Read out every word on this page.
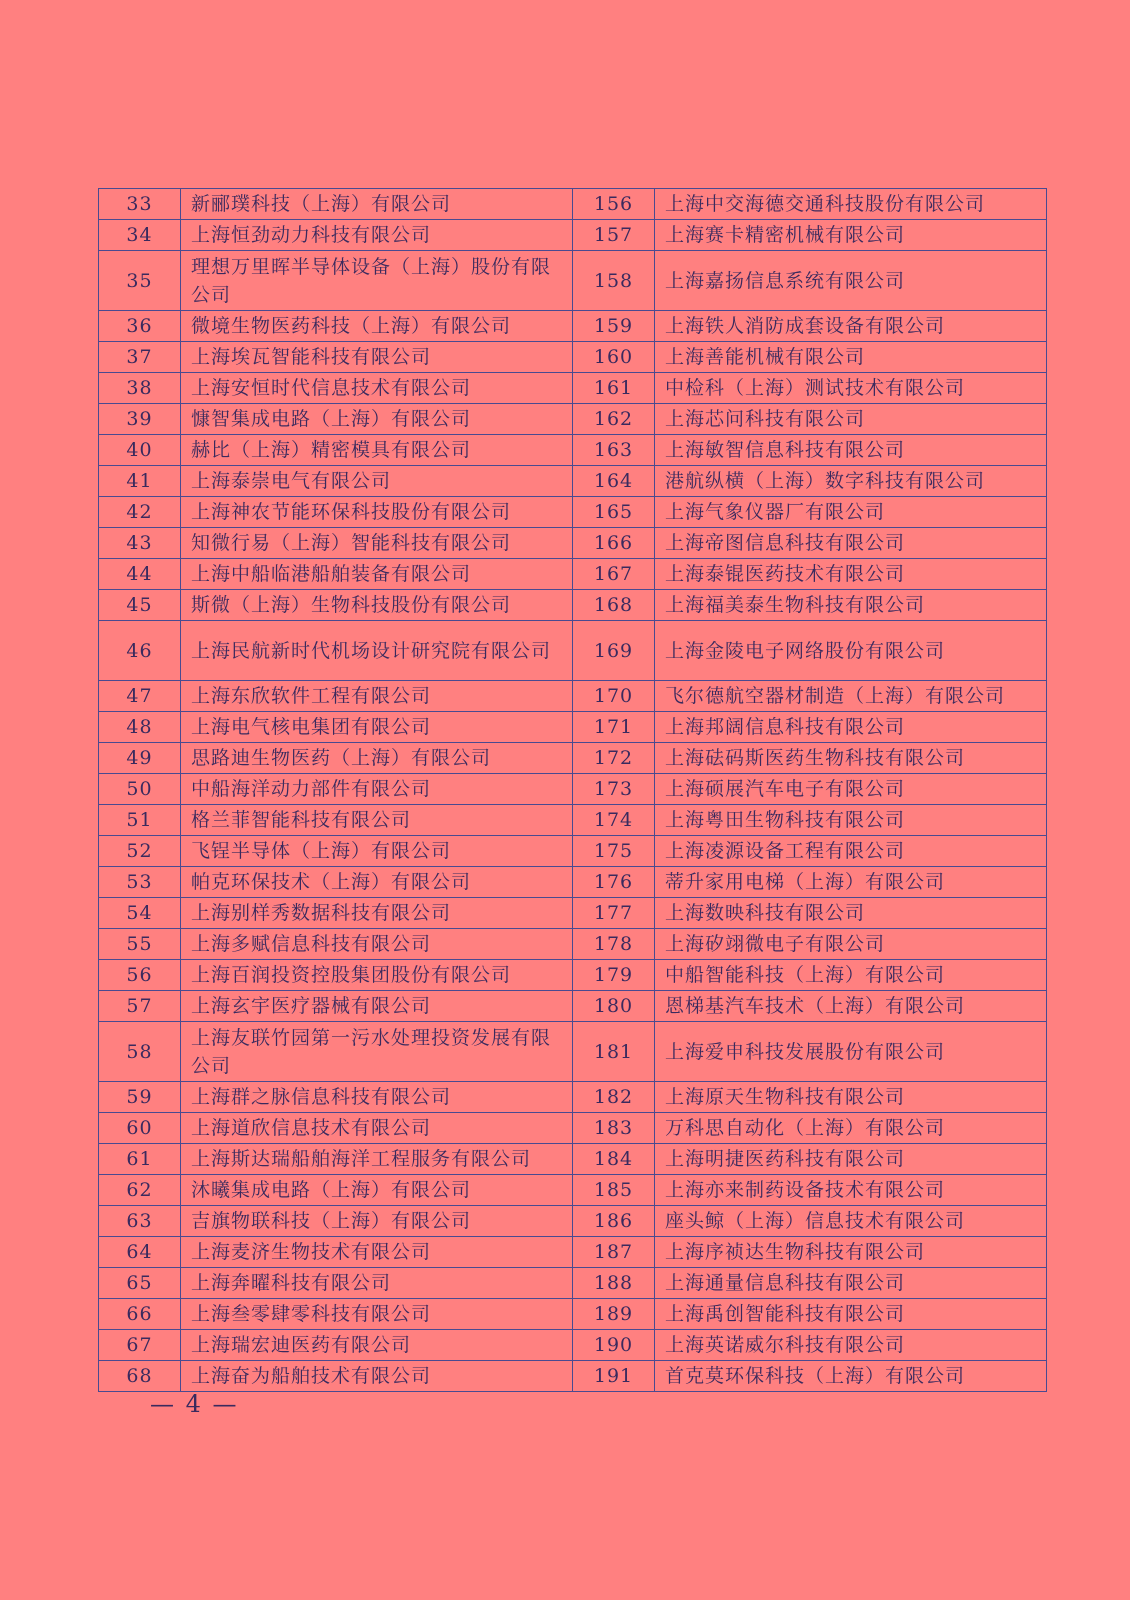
33	新郦璞科技（上海）有限公司	156	上海中交海德交通科技股份有限公司
34	上海恒劲动力科技有限公司	157	上海赛卡精密机械有限公司
35	理想万里晖半导体设备（上海）股份有限公司	158	上海嘉扬信息系统有限公司
36	微境生物医药科技（上海）有限公司	159	上海铁人消防成套设备有限公司
37	上海埃瓦智能科技有限公司	160	上海善能机械有限公司
38	上海安恒时代信息技术有限公司	161	中检科（上海）测试技术有限公司
39	慷智集成电路（上海）有限公司	162	上海芯问科技有限公司
40	赫比（上海）精密模具有限公司	163	上海敏智信息科技有限公司
41	上海泰崇电气有限公司	164	港航纵横（上海）数字科技有限公司
42	上海神农节能环保科技股份有限公司	165	上海气象仪器厂有限公司
43	知微行易（上海）智能科技有限公司	166	上海帝图信息科技有限公司
44	上海中船临港船舶装备有限公司	167	上海泰锟医药技术有限公司
45	斯微（上海）生物科技股份有限公司	168	上海福美泰生物科技有限公司
46	上海民航新时代机场设计研究院有限公司	169	上海金陵电子网络股份有限公司
47	上海东欣软件工程有限公司	170	飞尔德航空器材制造（上海）有限公司
48	上海电气核电集团有限公司	171	上海邦阔信息科技有限公司
49	思路迪生物医药（上海）有限公司	172	上海砝码斯医药生物科技有限公司
50	中船海洋动力部件有限公司	173	上海硕展汽车电子有限公司
51	格兰菲智能科技有限公司	174	上海粤田生物科技有限公司
52	飞锃半导体（上海）有限公司	175	上海凌源设备工程有限公司
53	帕克环保技术（上海）有限公司	176	蒂升家用电梯（上海）有限公司
54	上海别样秀数据科技有限公司	177	上海数映科技有限公司
55	上海多赋信息科技有限公司	178	上海矽翊微电子有限公司
56	上海百润投资控股集团股份有限公司	179	中船智能科技（上海）有限公司
57	上海玄宇医疗器械有限公司	180	恩梯基汽车技术（上海）有限公司
58	上海友联竹园第一污水处理投资发展有限公司	181	上海爱申科技发展股份有限公司
59	上海群之脉信息科技有限公司	182	上海原天生物科技有限公司
60	上海道欣信息技术有限公司	183	万科思自动化（上海）有限公司
61	上海斯达瑞船舶海洋工程服务有限公司	184	上海明捷医药科技有限公司
62	沐曦集成电路（上海）有限公司	185	上海亦来制药设备技术有限公司
63	吉旗物联科技（上海）有限公司	186	座头鲸（上海）信息技术有限公司
64	上海麦济生物技术有限公司	187	上海序祯达生物科技有限公司
65	上海奔曜科技有限公司	188	上海通量信息科技有限公司
66	上海叁零肆零科技有限公司	189	上海禹创智能科技有限公司
67	上海瑞宏迪医药有限公司	190	上海英诺威尔科技有限公司
68	上海奋为船舶技术有限公司	191	首克莫环保科技（上海）有限公司
— 4 —
